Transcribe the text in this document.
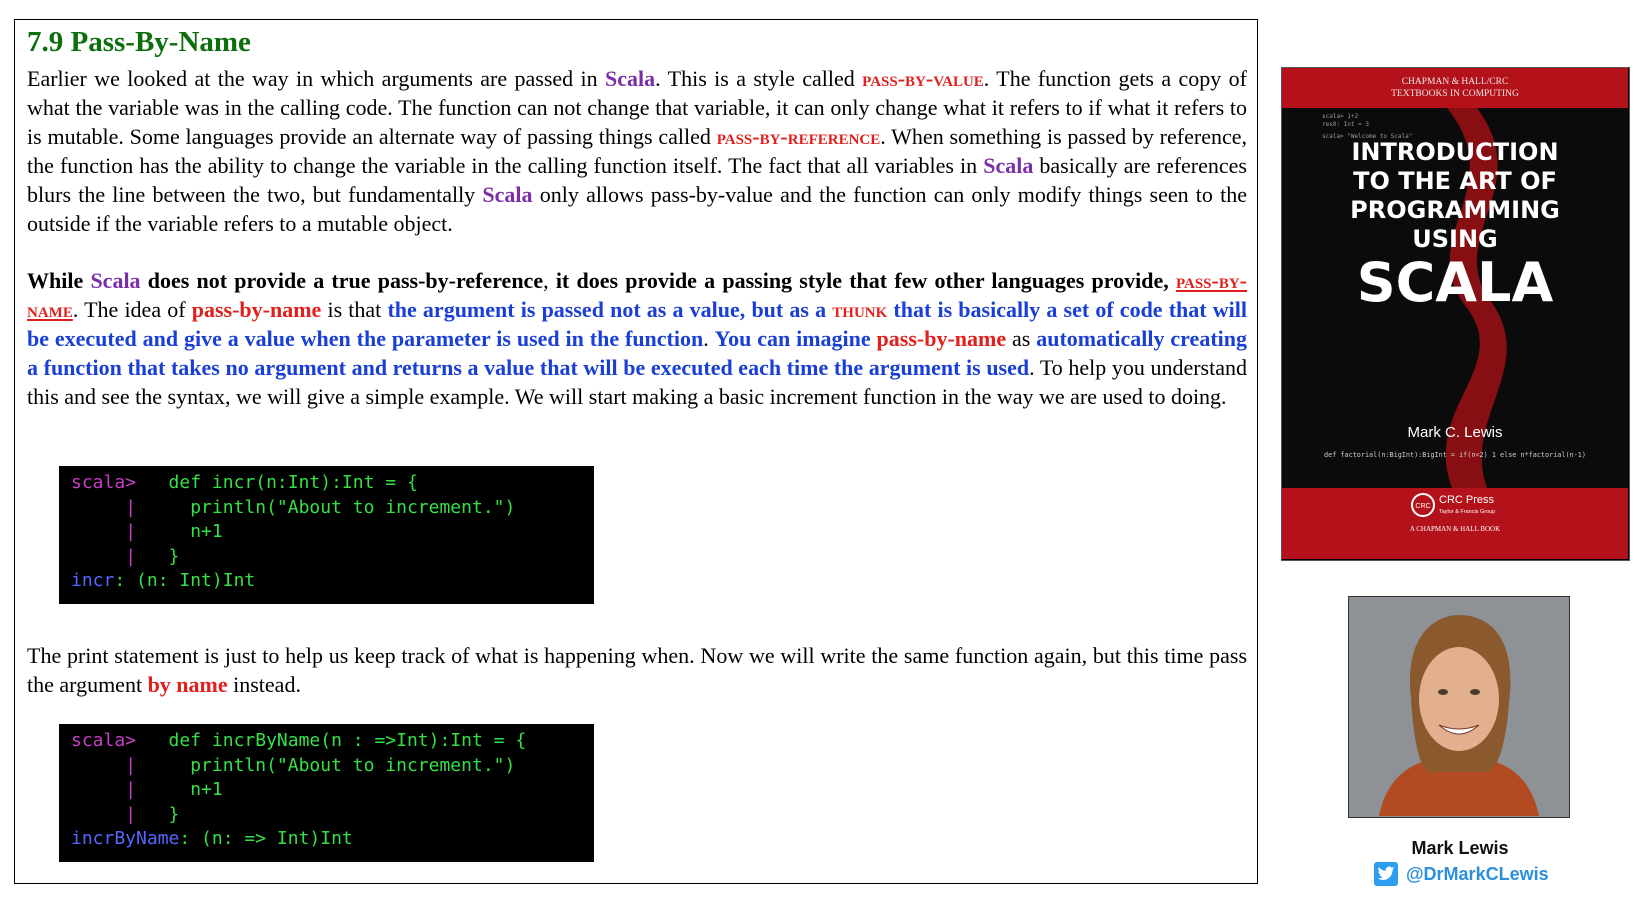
7.9 Pass-By-Name

Earlier we looked at the way in which arguments are passed in Scala. This is a style called pass-by-value. The function gets a copy of what the variable was in the calling code. The function can not change that variable, it can only change what it refers to if what it refers to is mutable. Some languages provide an alternate way of passing things called pass-by-reference. When something is passed by reference, the function has the ability to change the variable in the calling function itself. The fact that all variables in Scala basically are references blurs the line between the two, but fundamentally Scala only allows pass-by-value and the function can only modify things seen to the outside if the variable refers to a mutable object.

While Scala does not provide a true pass-by-reference, it does provide a passing style that few other languages provide, pass-by-name. The idea of pass-by-name is that the argument is passed not as a value, but as a thunk that is basically a set of code that will be executed and give a value when the parameter is used in the function. You can imagine pass-by-name as automatically creating a function that takes no argument and returns a value that will be executed each time the argument is used. To help you understand this and see the syntax, we will give a simple example. We will start making a basic increment function in the way we are used to doing.

scala>   def incr(n:Int):Int = {
|	println("About to increment.")
|	n+1
| }
incr: (n: Int)Int

The print statement is just to help us keep track of what is happening when. Now we will write the same function again, but this time pass the argument by name instead.

scala>   def incrByName(n : =>Int):Int = {
|	println("About to increment.")
|	n+1
| }
incrByName: (n: => Int)Int
CHAPMAN & HALL/CRC
TEXTBOOKS IN COMPUTING
scala> 1+2
res0: Int = 3
scala> "Welcome to Scala"
INTRODUCTION
TO THE ART OF
PROGRAMMING
USING
SCALA
Mark C. Lewis
def factorial(n:BigInt):BigInt = if(n<2) 1 else n*factorial(n-1)
CRC
CRC Press
Taylor & Francis Group
A CHAPMAN & HALL BOOK
Mark Lewis
@DrMarkCLewis
